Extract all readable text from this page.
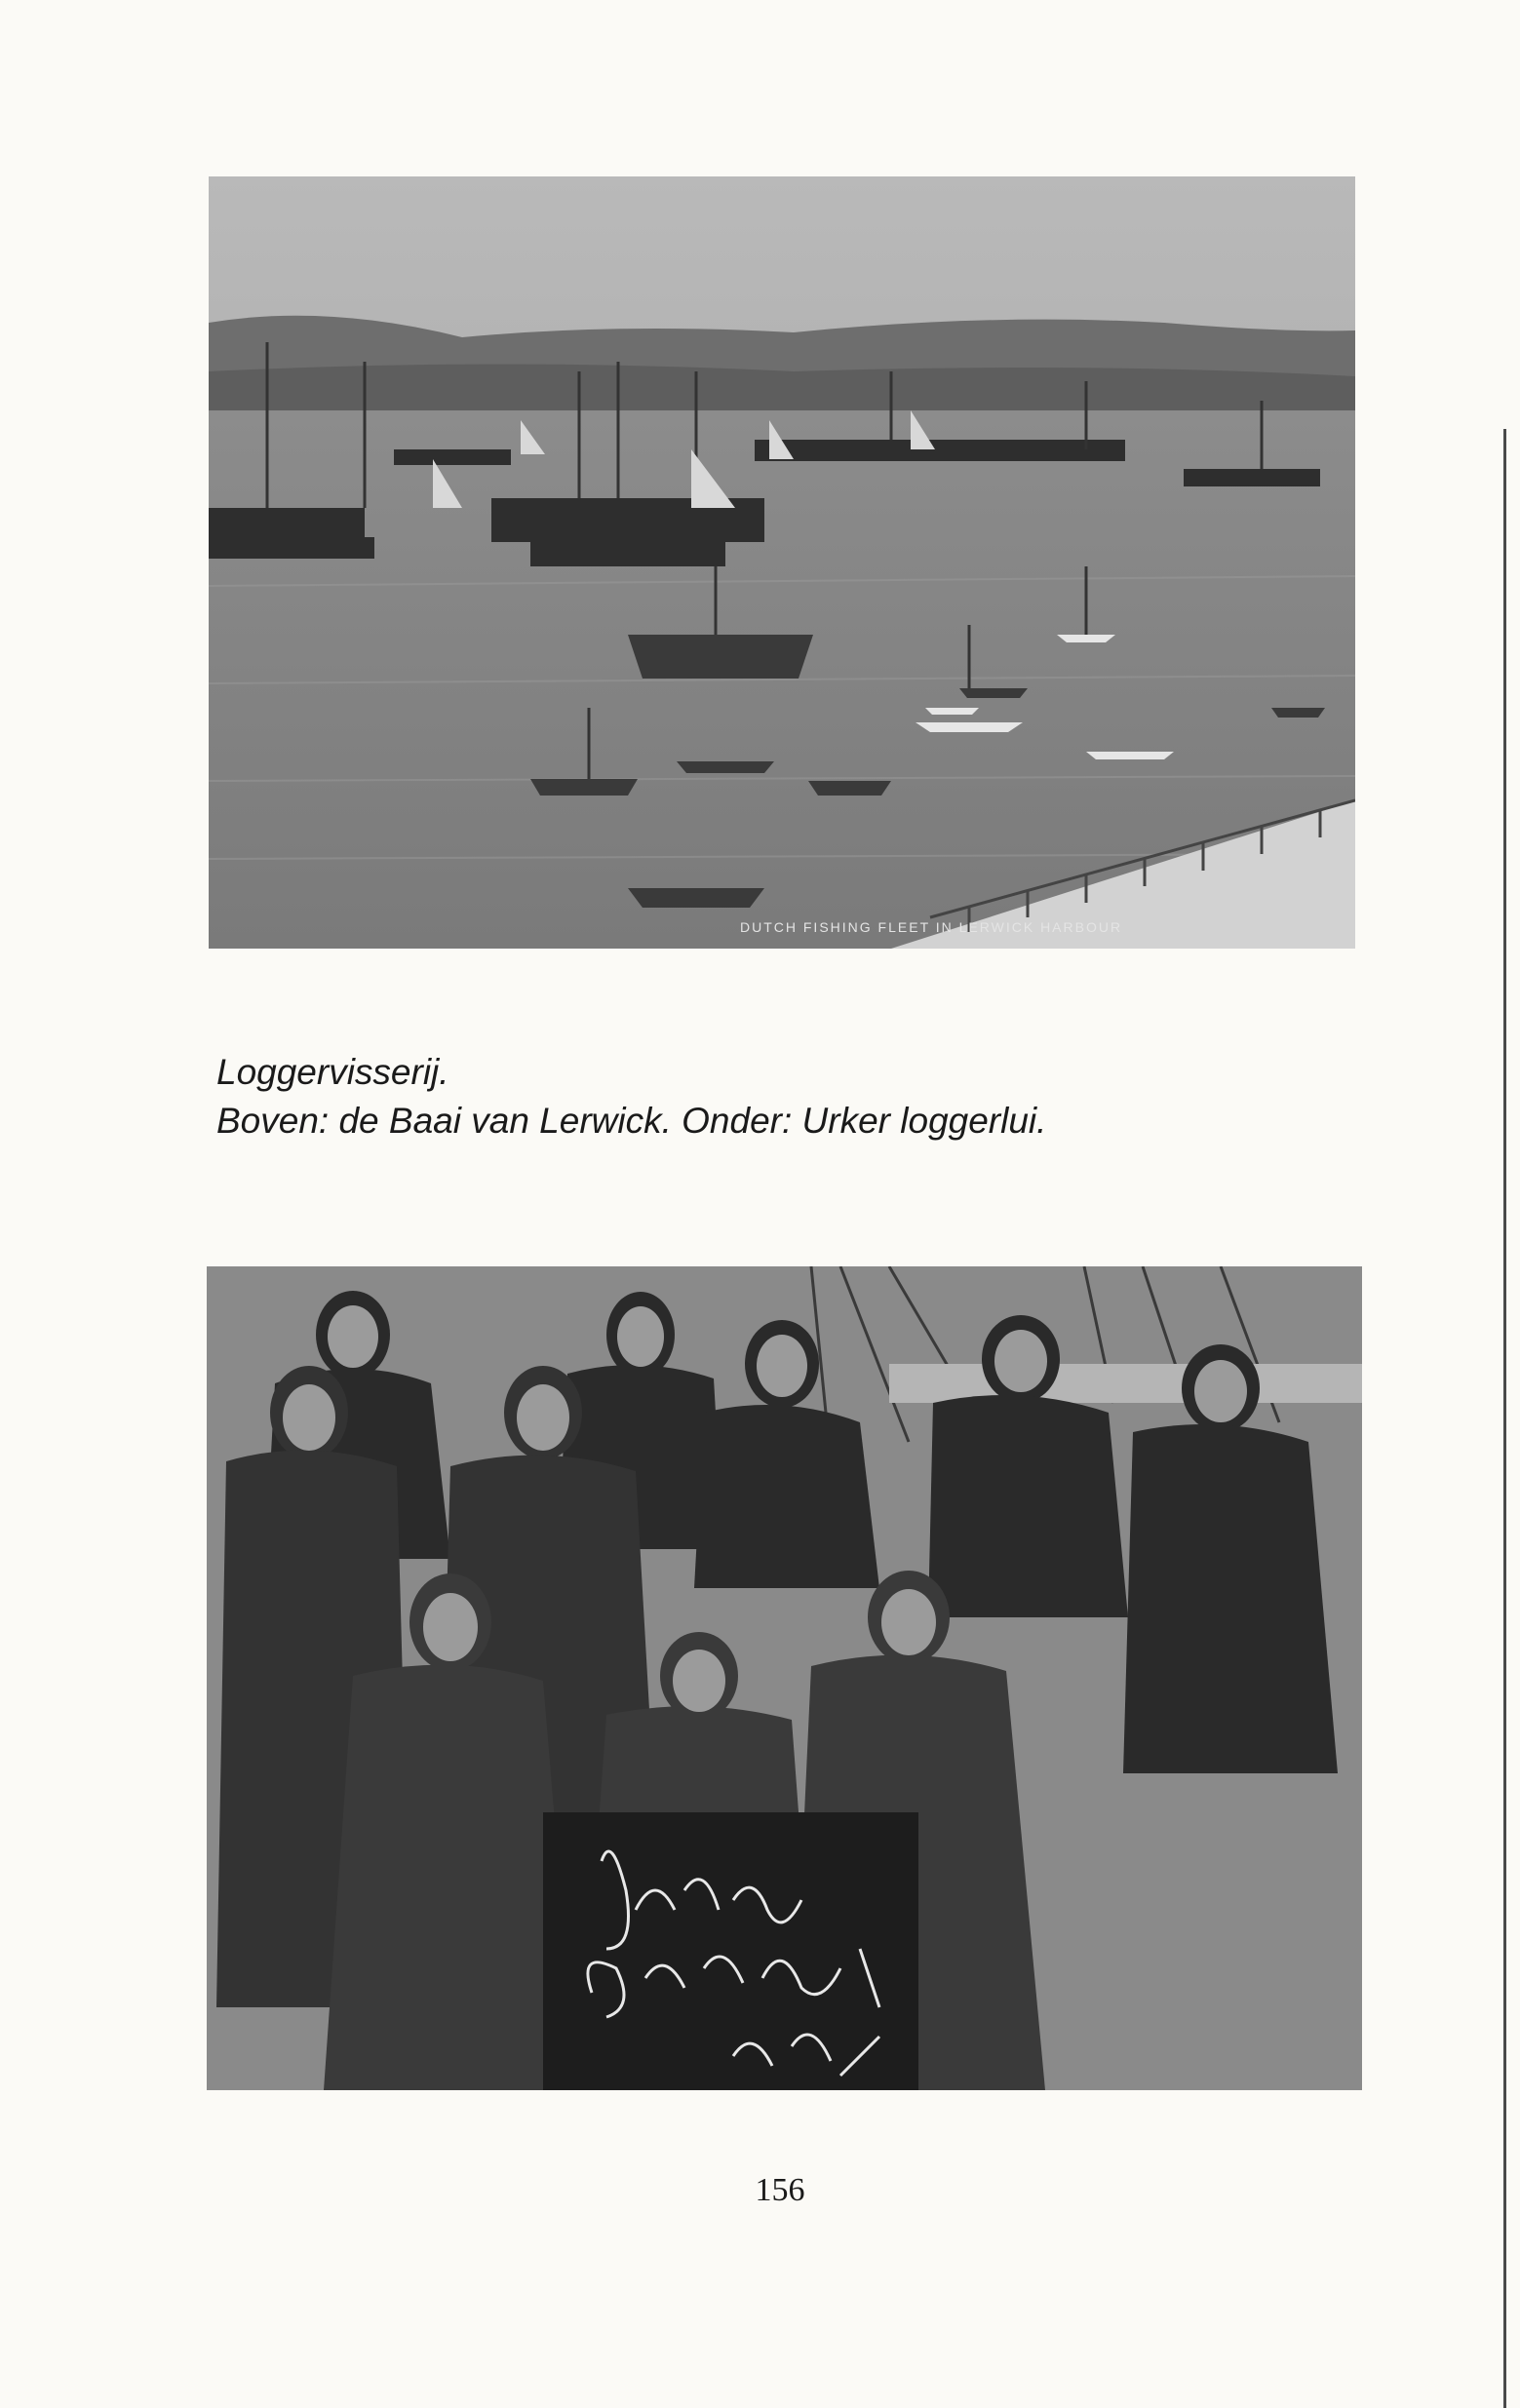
DUTCH FISHING FLEET IN LERWICK HARBOUR
Loggervisserij.
Boven: de Baai van Lerwick. Onder: Urker loggerlui.
156
